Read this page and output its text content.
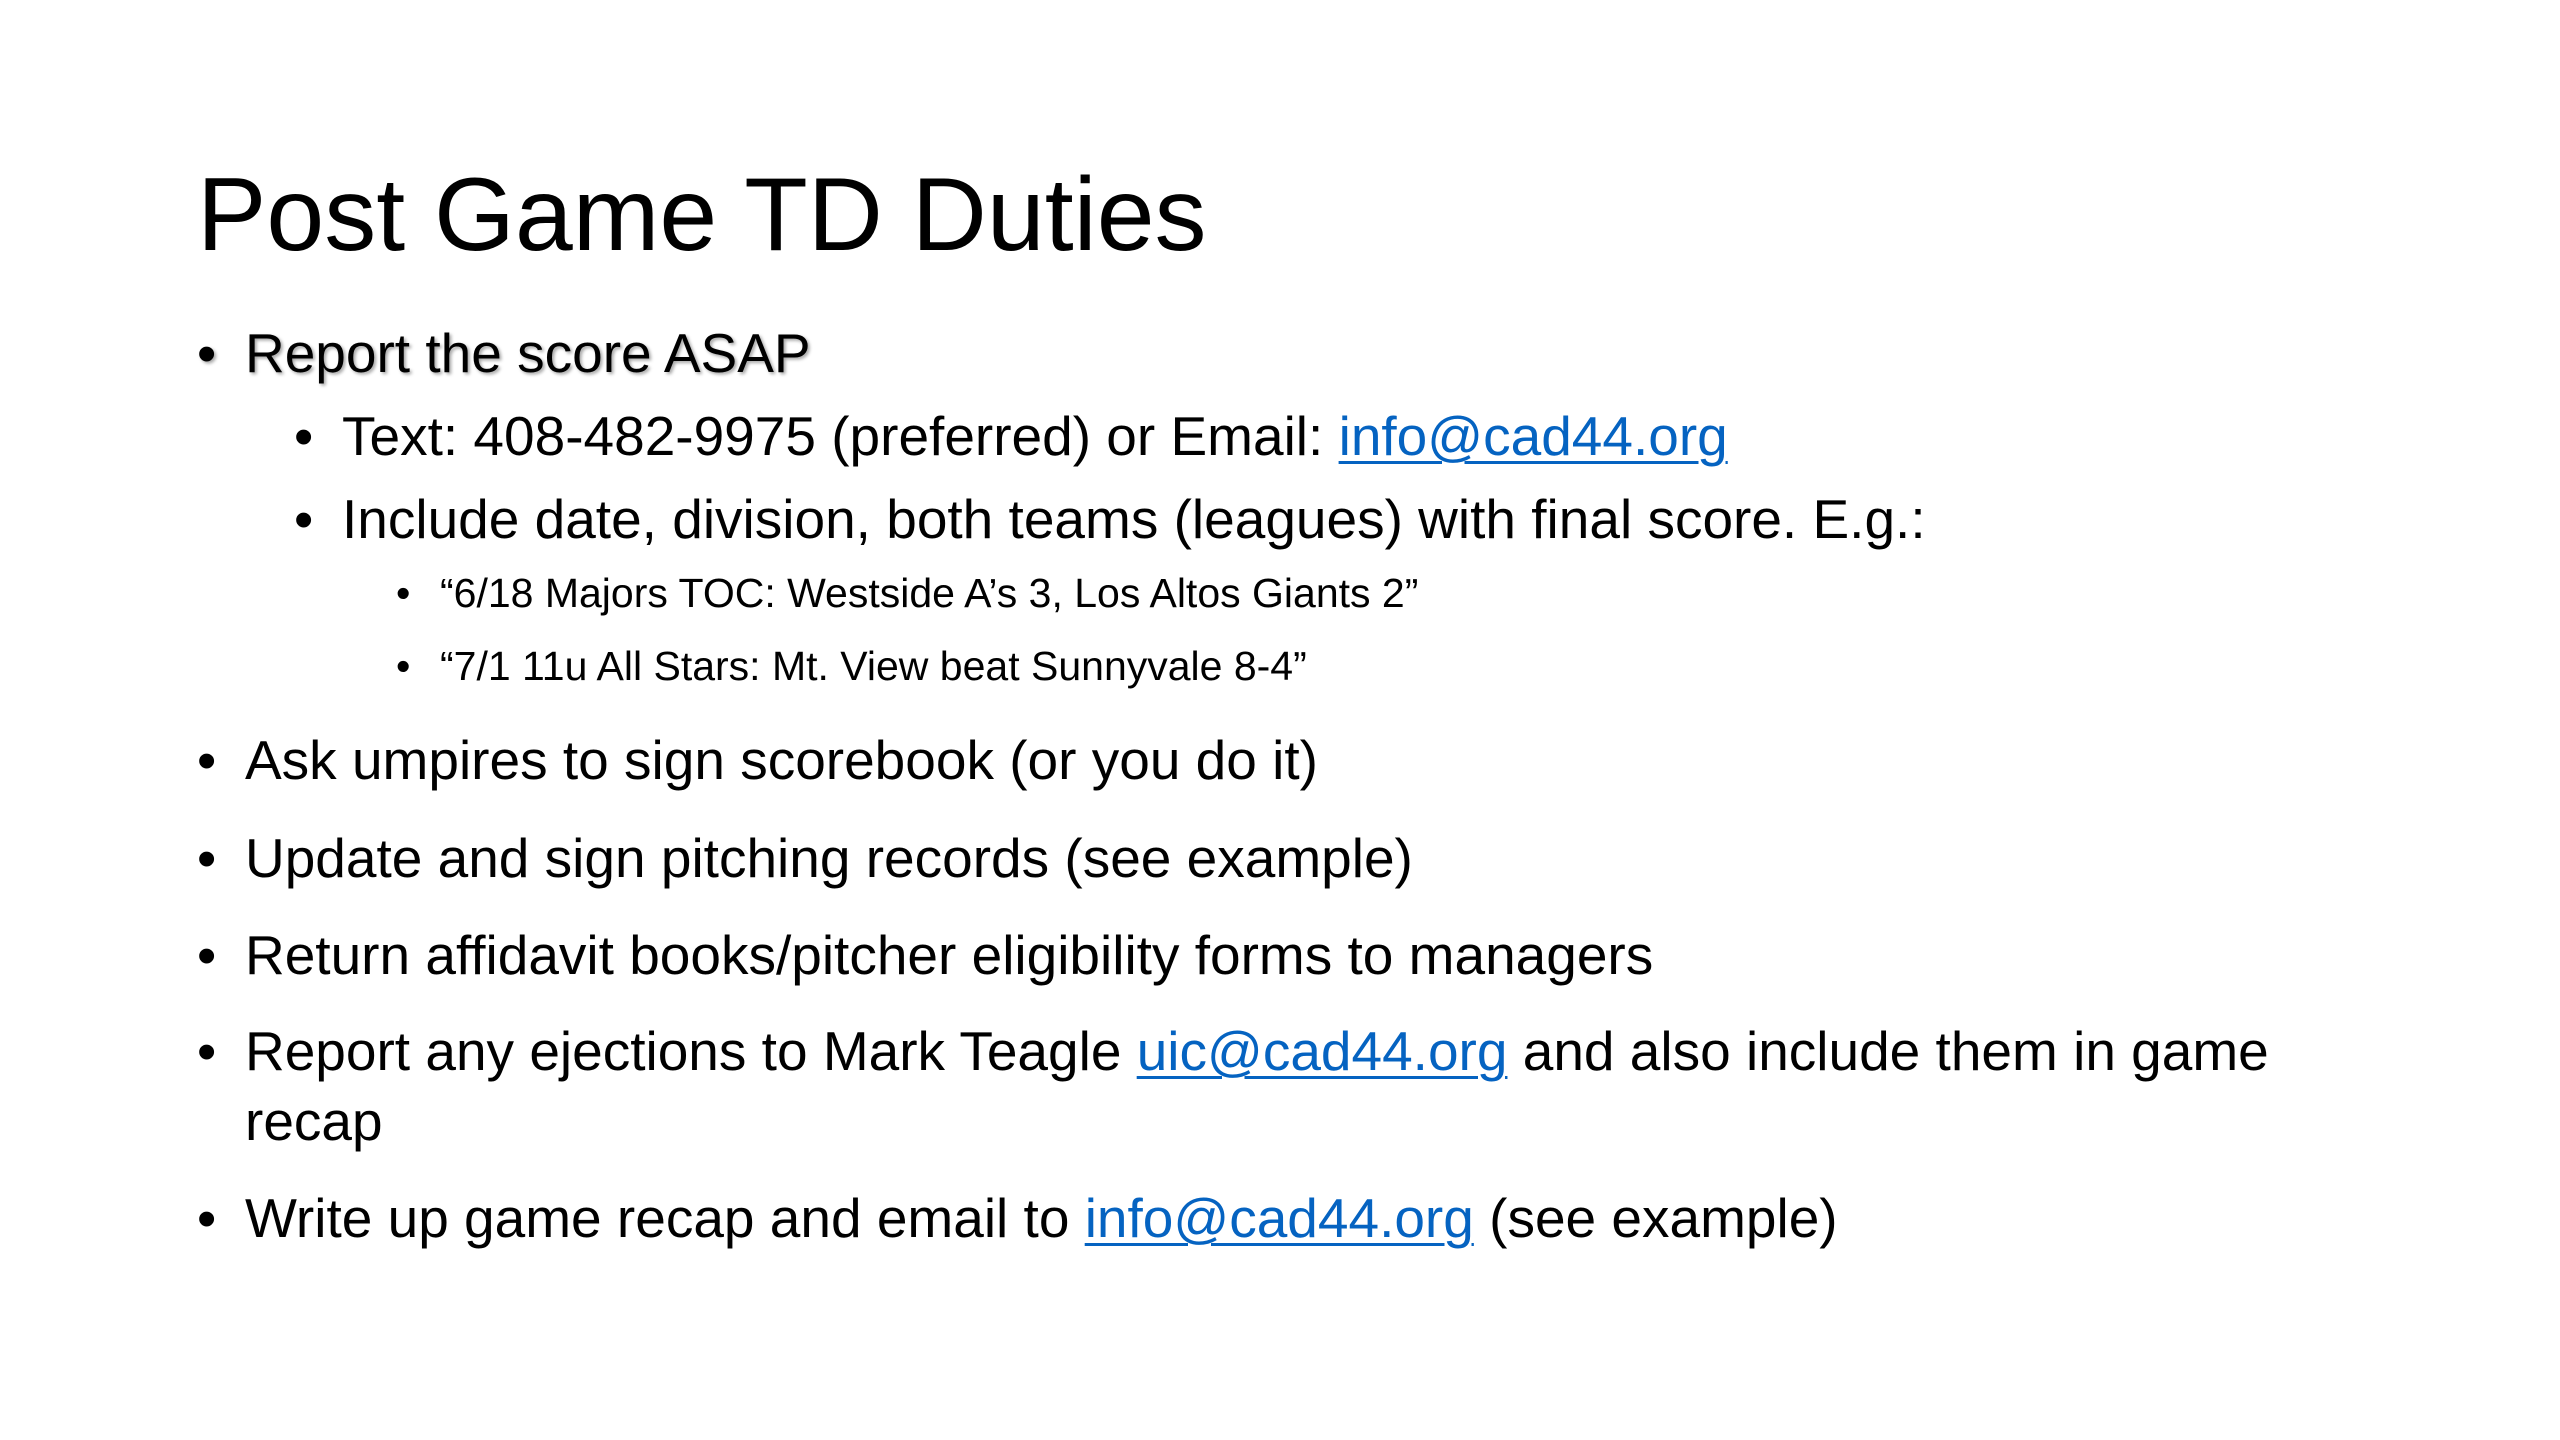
Post Game TD Duties
• Report the score ASAP
• Text: 408-482-9975 (preferred) or Email: info@cad44.org
• Include date, division, both teams (leagues) with final score. E.g.:
• “6/18 Majors TOC: Westside A’s 3, Los Altos Giants 2”
• “7/1 11u All Stars: Mt. View beat Sunnyvale 8-4”
• Ask umpires to sign scorebook (or you do it)
• Update and sign pitching records (see example)
• Return affidavit books/pitcher eligibility forms to managers
• Report any ejections to Mark Teagle uic@cad44.org and also include them in game recap
• Write up game recap and email to info@cad44.org (see example)
